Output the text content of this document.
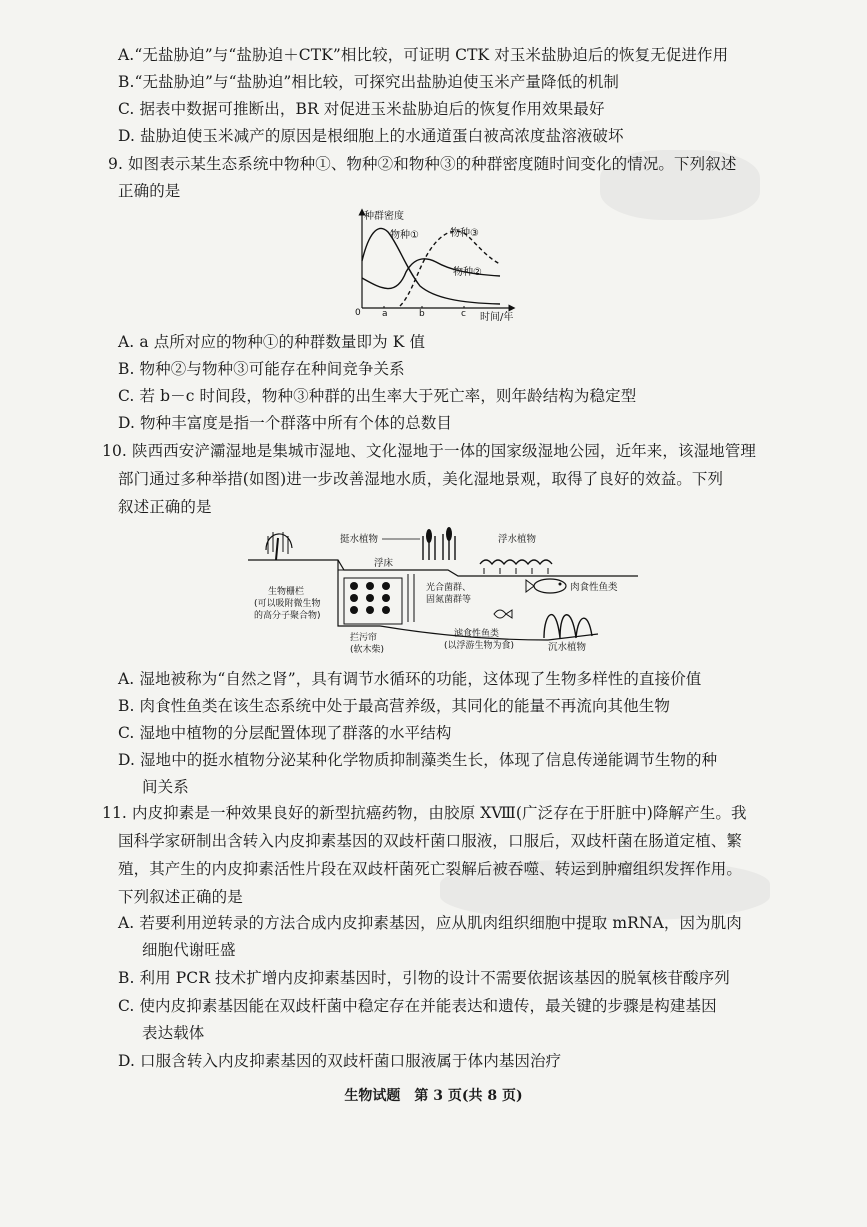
A.“无盐胁迫”与“盐胁迫＋CTK”相比较，可证明 CTK 对玉米盐胁迫后的恢复无促进作用
B.“无盐胁迫”与“盐胁迫”相比较，可探究出盐胁迫使玉米产量降低的机制
C. 据表中数据可推断出，BR 对促进玉米盐胁迫后的恢复作用效果最好
D. 盐胁迫使玉米减产的原因是根细胞上的水通道蛋白被高浓度盐溶液破坏
9. 如图表示某生态系统中物种①、物种②和物种③的种群密度随时间变化的情况。下列叙述
正确的是
种群密度
时间/年
0 a	b	c
物种①
物种②
物种③
A. a 点所对应的物种①的种群数量即为 K 值
B. 物种②与物种③可能存在种间竞争关系
C. 若 b－c 时间段，物种③种群的出生率大于死亡率，则年龄结构为稳定型
D. 物种丰富度是指一个群落中所有个体的总数目
10. 陕西西安浐灞湿地是集城市湿地、文化湿地于一体的国家级湿地公园，近年来，该湿地管理
部门通过多种举措(如图)进一步改善湿地水质，美化湿地景观，取得了良好的效益。下列
叙述正确的是
挺水植物	浮水植物
浮床
生物栅栏
(可以吸附微生物
的高分子聚合物)
光合菌群、
固氮菌群等
肉食性鱼类
拦污帘
(软木柴)
滤食性鱼类
(以浮游生物为食)	沉水植物
A. 湿地被称为“自然之肾”，具有调节水循环的功能，这体现了生物多样性的直接价值
B. 肉食性鱼类在该生态系统中处于最高营养级，其同化的能量不再流向其他生物
C. 湿地中植物的分层配置体现了群落的水平结构
D. 湿地中的挺水植物分泌某种化学物质抑制藻类生长，体现了信息传递能调节生物的种
间关系
11. 内皮抑素是一种效果良好的新型抗癌药物，由胶原 XⅧ(广泛存在于肝脏中)降解产生。我
国科学家研制出含转入内皮抑素基因的双歧杆菌口服液，口服后，双歧杆菌在肠道定植、繁
殖，其产生的内皮抑素活性片段在双歧杆菌死亡裂解后被吞噬、转运到肿瘤组织发挥作用。
下列叙述正确的是
A. 若要利用逆转录的方法合成内皮抑素基因，应从肌肉组织细胞中提取 mRNA，因为肌肉
细胞代谢旺盛
B. 利用 PCR 技术扩增内皮抑素基因时，引物的设计不需要依据该基因的脱氧核苷酸序列
C. 使内皮抑素基因能在双歧杆菌中稳定存在并能表达和遗传，最关键的步骤是构建基因
表达载体
D. 口服含转入内皮抑素基因的双歧杆菌口服液属于体内基因治疗
生物试题　第 3 页(共 8 页)
